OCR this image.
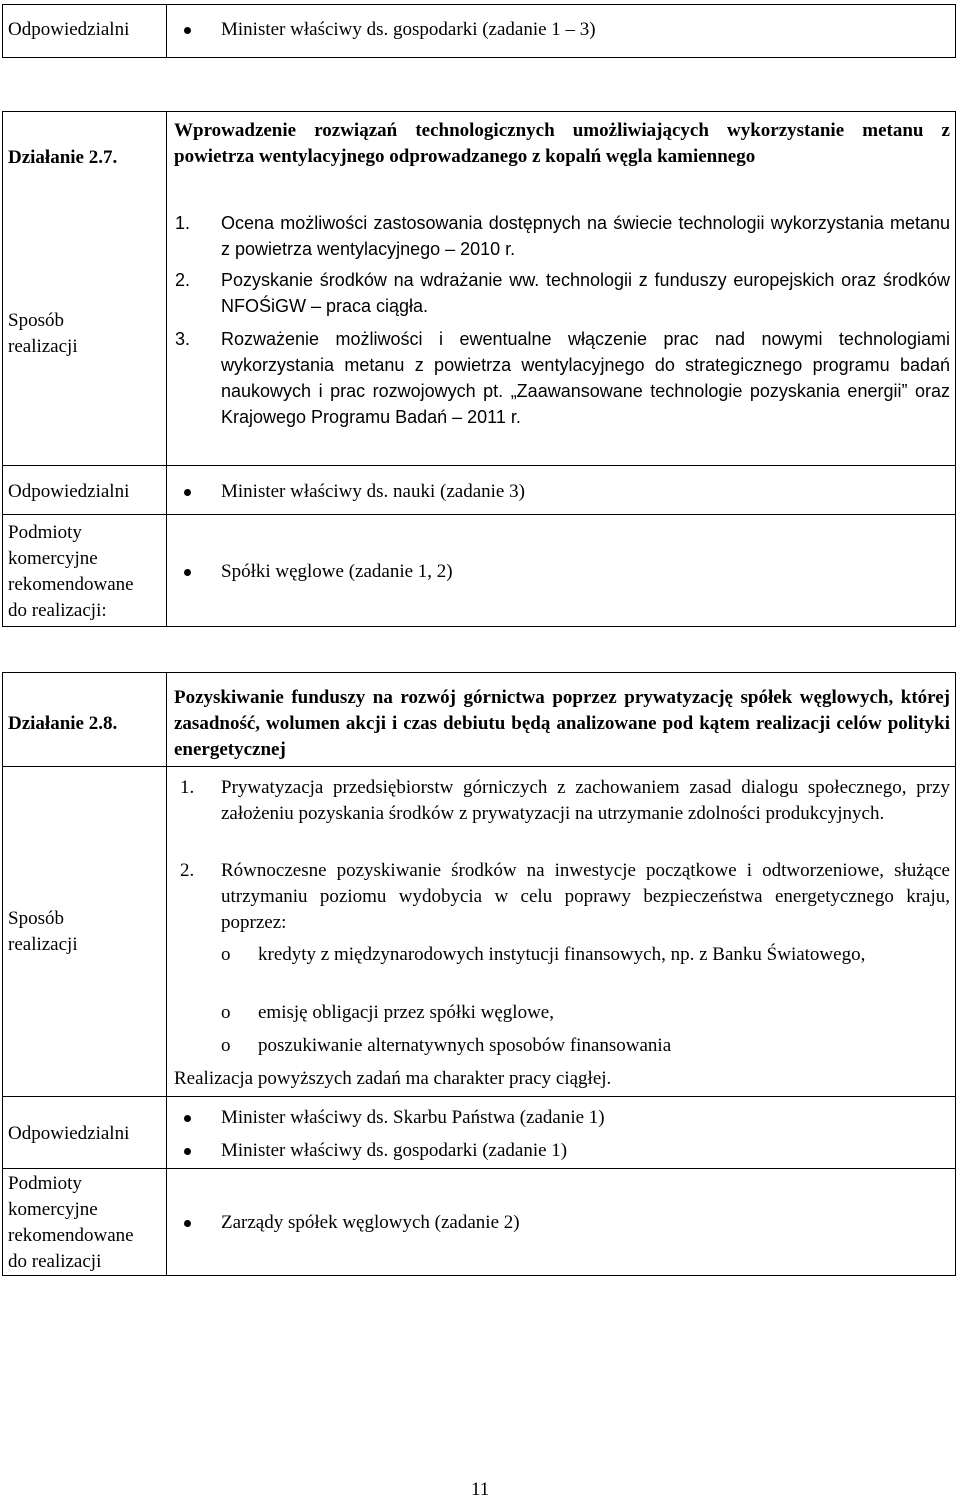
Odpowiedzialni	Minister właściwy ds. gospodarki (zadanie 1 – 3)
Działanie 2.7.
Wprowadzenie rozwiązań technologicznych umożliwiających wykorzystanie metanu z powietrza wentylacyjnego odprowadzanego z kopalń węgla kamiennego
Sposób
realizacji
1. Ocena możliwości zastosowania dostępnych na świecie technologii wykorzystania metanu z powietrza wentylacyjnego – 2010 r.
2. Pozyskanie środków na wdrażanie ww. technologii z funduszy europejskich oraz środków NFOŚiGW – praca ciągła.
3. Rozważenie możliwości i ewentualne włączenie prac nad nowymi technologiami wykorzystania metanu z powietrza wentylacyjnego do strategicznego programu badań naukowych i prac rozwojowych pt. „Zaawansowane technologie pozyskania energii” oraz Krajowego Programu Badań – 2011 r.
Odpowiedzialni	Minister właściwy ds. nauki (zadanie 3)
Podmioty
komercyjne
rekomendowane
do realizacji:
Spółki węglowe (zadanie 1, 2)
Działanie 2.8.
Pozyskiwanie funduszy na rozwój górnictwa poprzez prywatyzację spółek węglowych, której zasadność, wolumen akcji i czas debiutu będą analizowane pod kątem realizacji celów polityki energetycznej
Sposób
realizacji
1. Prywatyzacja przedsiębiorstw górniczych z zachowaniem zasad dialogu społecznego, przy założeniu pozyskania środków z prywatyzacji na utrzymanie zdolności produkcyjnych.
2. Równoczesne pozyskiwanie środków na inwestycje początkowe i odtworzeniowe, służące utrzymaniu poziomu wydobycia w celu poprawy bezpieczeństwa energetycznego kraju, poprzez:
o kredyty z międzynarodowych instytucji finansowych, np. z Banku Światowego,
o emisję obligacji przez spółki węglowe,
o poszukiwanie alternatywnych sposobów finansowania
Realizacja powyższych zadań ma charakter pracy ciągłej.
Odpowiedzialni
Minister właściwy ds. Skarbu Państwa (zadanie 1)
Minister właściwy ds. gospodarki (zadanie 1)
Podmioty
komercyjne
rekomendowane
do realizacji
Zarządy spółek węglowych (zadanie 2)
11
